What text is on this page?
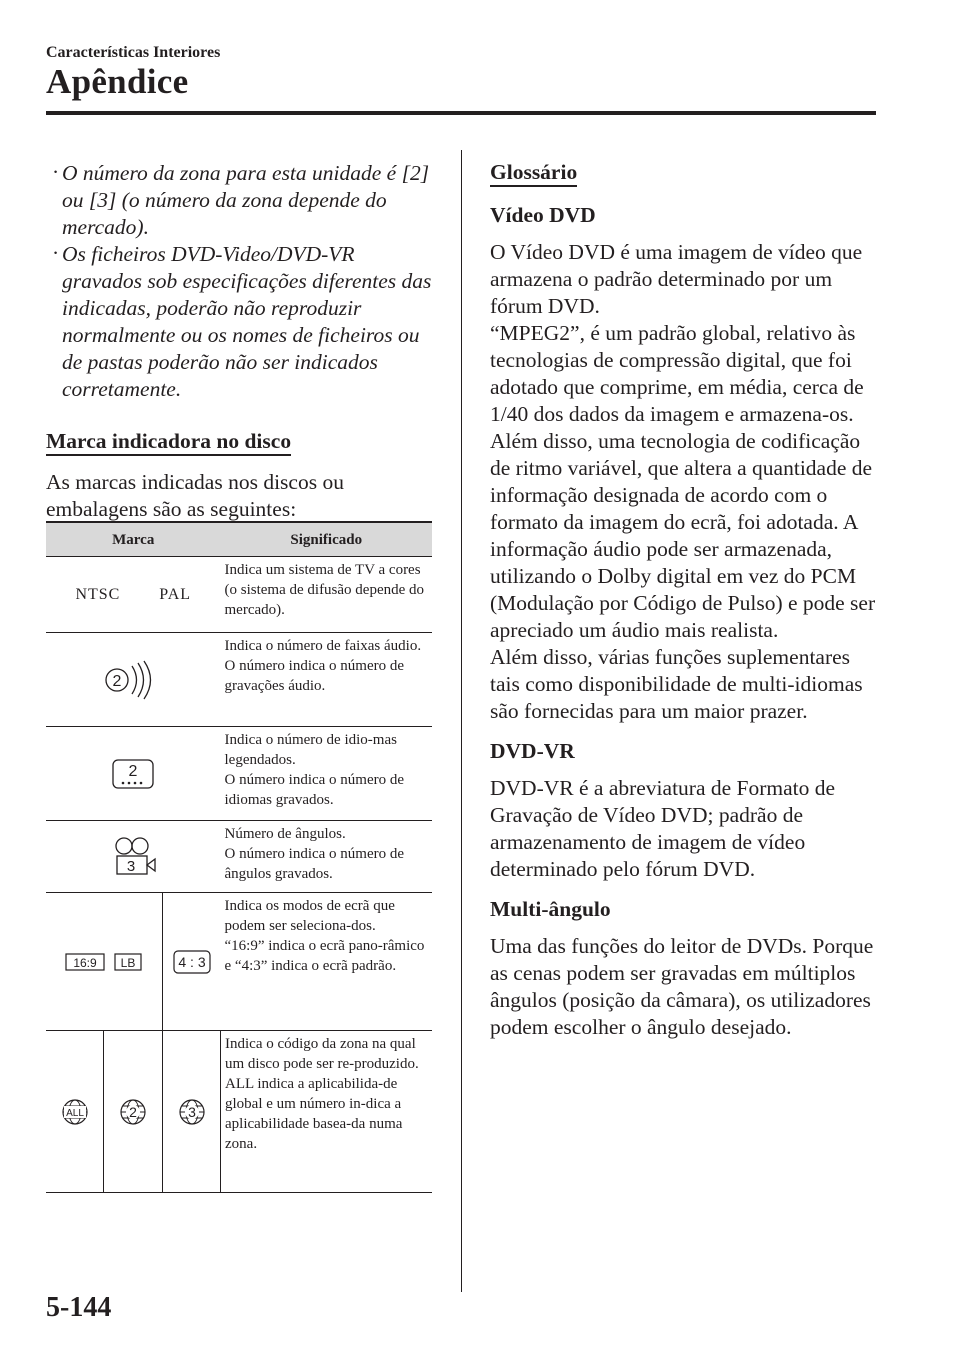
Características Interiores
Apêndice
· O número da zona para esta unidade é [2] ou [3] (o número da zona depende do mercado).
· Os ficheiros DVD-Video/DVD-VR gravados sob especificações diferentes das indicadas, poderão não reproduzir normalmente ou os nomes de ficheiros ou de pastas poderão não ser indicados corretamente.
Marca indicadora no disco

As marcas indicadas nos discos ou embalagens são as seguintes:

Marca			Significado

NTSC PAL			Indica um sistema de TV a cores (o sistema de difusão depende do mercado).

2			Indica o número de faixas áudio.
O número indica o número de gravações áudio.

2			Indica o número de idio-mas legendados.
O número indica o número de idiomas gravados.

3			Número de ângulos.
O número indica o número de ângulos gravados.

16:9 LB		4 : 3	Indica os modos de ecrã que podem ser seleciona-dos.
“16:9” indica o ecrã pano-râmico e “4:3” indica o ecrã padrão.

ALL	2	3	Indica o código da zona na qual um disco pode ser re-produzido.
ALL indica a aplicabilida-de global e um número in-dica a aplicabilidade basea-da numa zona.
Glossário
Vídeo DVD

O Vídeo DVD é uma imagem de vídeo que armazena o padrão determinado por um fórum DVD.
“MPEG2”, é um padrão global, relativo às tecnologias de compressão digital, que foi adotado que comprime, em média, cerca de 1/40 dos dados da imagem e armazena-os. Além disso, uma tecnologia de codificação de ritmo variável, que altera a quantidade de informação designada de acordo com o formato da imagem do ecrã, foi adotada. A informação áudio pode ser armazenada, utilizando o Dolby digital em vez do PCM (Modulação por Código de Pulso) e pode ser apreciado um áudio mais realista.
Além disso, várias funções suplementares tais como disponibilidade de multi-idiomas são fornecidas para um maior prazer.

DVD-VR

DVD-VR é a abreviatura de Formato de Gravação de Vídeo DVD; padrão de armazenamento de imagem de vídeo determinado pelo fórum DVD.

Multi-ângulo

Uma das funções do leitor de DVDs. Porque as cenas podem ser gravadas em múltiplos ângulos (posição da câmara), os utilizadores podem escolher o ângulo desejado.

5-144
